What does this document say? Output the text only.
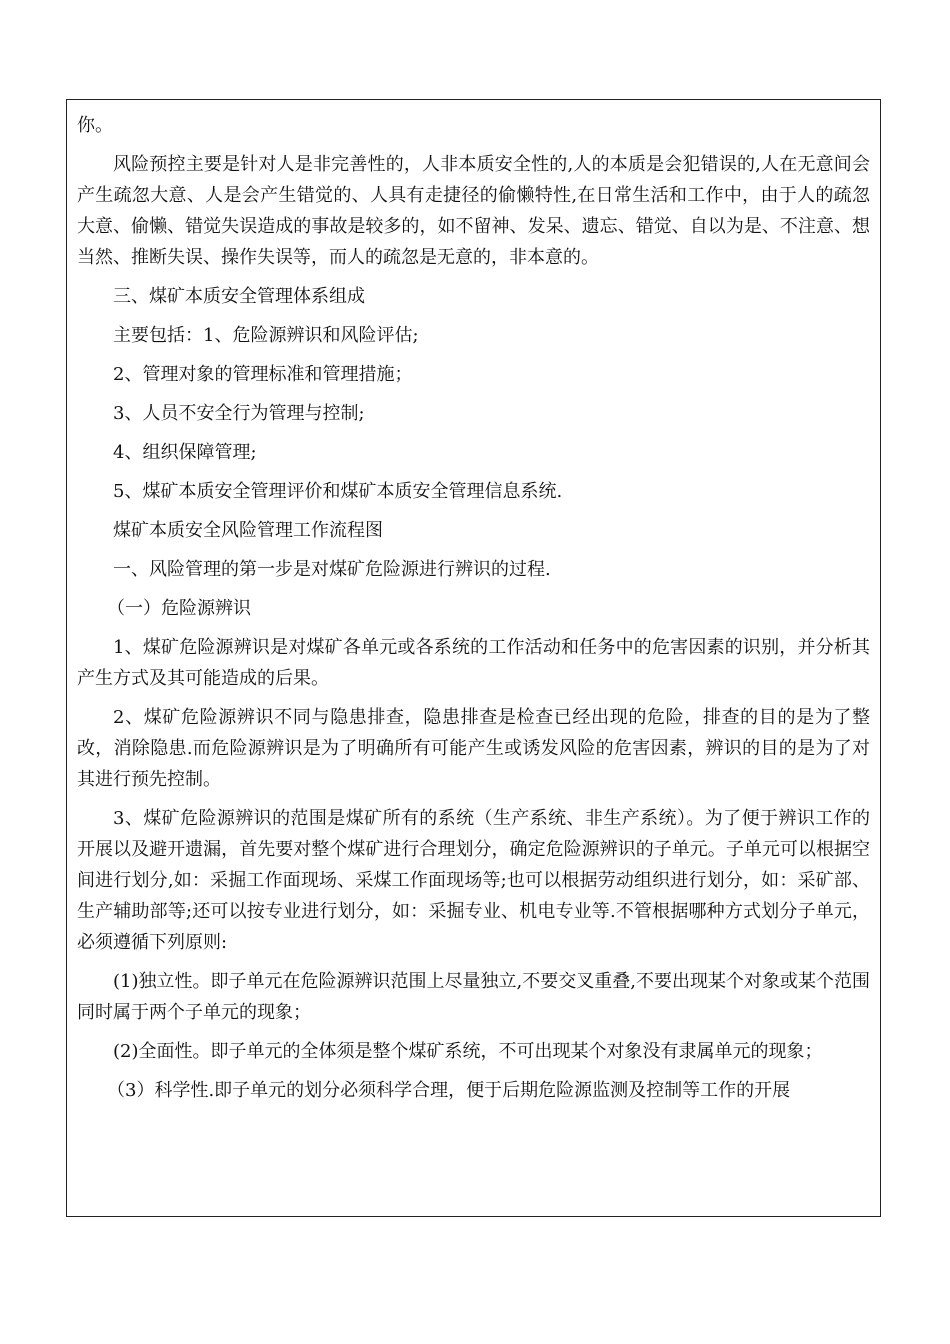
你。

风险预控主要是针对人是非完善性的，人非本质安全性的,人的本质是会犯错误的,人在无意间会产生疏忽大意、人是会产生错觉的、人具有走捷径的偷懒特性,在日常生活和工作中，由于人的疏忽大意、偷懒、错觉失误造成的事故是较多的，如不留神、发呆、遗忘、错觉、自以为是、不注意、想当然、推断失误、操作失误等，而人的疏忽是无意的，非本意的。

三、煤矿本质安全管理体系组成

主要包括：1、危险源辨识和风险评估;

2、管理对象的管理标准和管理措施；

3、人员不安全行为管理与控制;

4、组织保障管理;

5、煤矿本质安全管理评价和煤矿本质安全管理信息系统.

煤矿本质安全风险管理工作流程图

一、风险管理的第一步是对煤矿危险源进行辨识的过程.

（一）危险源辨识

1、煤矿危险源辨识是对煤矿各单元或各系统的工作活动和任务中的危害因素的识别，并分析其产生方式及其可能造成的后果。

2、煤矿危险源辨识不同与隐患排查，隐患排查是检查已经出现的危险，排查的目的是为了整改，消除隐患.而危险源辨识是为了明确所有可能产生或诱发风险的危害因素，辨识的目的是为了对其进行预先控制。

3、煤矿危险源辨识的范围是煤矿所有的系统（生产系统、非生产系统）。为了便于辨识工作的开展以及避开遗漏，首先要对整个煤矿进行合理划分，确定危险源辨识的子单元。子单元可以根据空间进行划分,如：采掘工作面现场、采煤工作面现场等;也可以根据劳动组织进行划分，如：采矿部、生产辅助部等;还可以按专业进行划分，如：采掘专业、机电专业等.不管根据哪种方式划分子单元，必须遵循下列原则:

(1)独立性。即子单元在危险源辨识范围上尽量独立,不要交叉重叠,不要出现某个对象或某个范围同时属于两个子单元的现象；

(2)全面性。即子单元的全体须是整个煤矿系统，不可出现某个对象没有隶属单元的现象；

（3）科学性.即子单元的划分必须科学合理，便于后期危险源监测及控制等工作的开展
